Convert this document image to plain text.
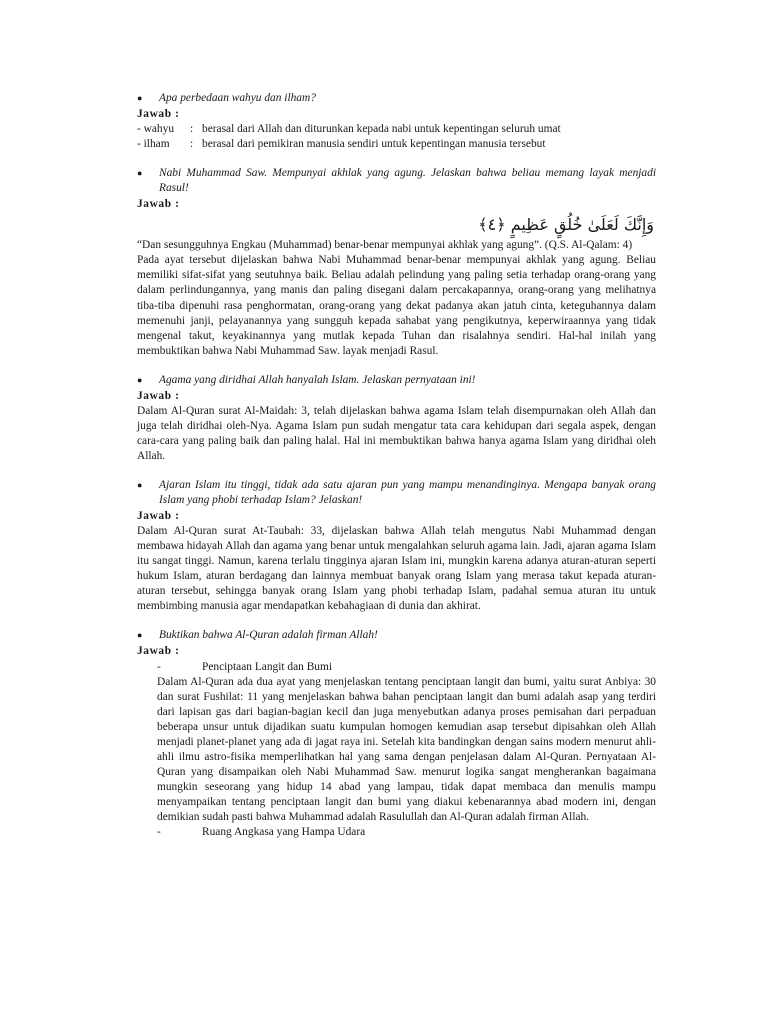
●	Apa perbedaan wahyu dan ilham?
Jawab :
- wahyu	: berasal dari Allah dan diturunkan kepada nabi untuk kepentingan seluruh umat
- ilham	: berasal dari pemikiran manusia sendiri untuk kepentingan manusia tersebut
●	Nabi Muhammad Saw. Mempunyai akhlak yang agung. Jelaskan bahwa beliau memang layak menjadi Rasul!
Jawab :
وَإِنَّكَ لَعَلَىٰ خُلُقٍ عَظِيمٍ ﴿٤﴾

“Dan sesungguhnya Engkau (Muhammad) benar-benar mempunyai akhlak yang agung”. (Q.S. Al-Qalam: 4)

Pada ayat tersebut dijelaskan bahwa Nabi Muhammad benar-benar mempunyai akhlak yang agung. Beliau memiliki sifat-sifat yang seutuhnya baik. Beliau adalah pelindung yang paling setia terhadap orang-orang yang dalam perlindungannya, yang manis dan paling disegani dalam percakapannya, orang-orang yang melihatnya tiba-tiba dipenuhi rasa penghormatan, orang-orang yang dekat padanya akan jatuh cinta, keteguhannya dalam memenuhi janji, pelayanannya yang sungguh kepada sahabat yang pengikutnya, keperwiraannya yang tidak mengenal takut, keyakinannya yang mutlak kepada Tuhan dan risalahnya sendiri. Hal-hal inilah yang membuktikan bahwa Nabi Muhammad Saw. layak menjadi Rasul.

●	Agama yang diridhai Allah hanyalah Islam. Jelaskan pernyataan ini!
Jawab :

Dalam Al-Quran surat Al-Maidah: 3, telah dijelaskan bahwa agama Islam telah disempurnakan oleh Allah dan juga telah diridhai oleh-Nya. Agama Islam pun sudah mengatur tata cara kehidupan dari segala aspek, dengan cara-cara yang paling baik dan paling halal. Hal ini membuktikan bahwa hanya agama Islam yang diridhai oleh Allah.

●	Ajaran Islam itu tinggi, tidak ada satu ajaran pun yang mampu menandinginya. Mengapa banyak orang Islam yang phobi terhadap Islam? Jelaskan!
Jawab :

Dalam Al-Quran surat At-Taubah: 33, dijelaskan bahwa Allah telah mengutus Nabi Muhammad dengan membawa hidayah Allah dan agama yang benar untuk mengalahkan seluruh agama lain. Jadi, ajaran agama Islam itu sangat tinggi. Namun, karena terlalu tingginya ajaran Islam ini, mungkin karena adanya aturan-aturan seperti hukum Islam, aturan berdagang dan lainnya membuat banyak orang Islam yang merasa takut kepada aturan-aturan tersebut, sehingga banyak orang Islam yang phobi terhadap Islam, padahal semua aturan itu untuk membimbing manusia agar mendapatkan kebahagiaan di dunia dan akhirat.

●	Buktikan bahwa Al-Quran adalah firman Allah!
Jawab :
-	Penciptaan Langit dan Bumi

Dalam Al-Quran ada dua ayat yang menjelaskan tentang penciptaan langit dan bumi, yaitu surat Anbiya: 30 dan surat Fushilat: 11 yang menjelaskan bahwa bahan penciptaan langit dan bumi adalah asap yang terdiri dari lapisan gas dari bagian-bagian kecil dan juga menyebutkan adanya proses pemisahan dari perpaduan beberapa unsur untuk dijadikan suatu kumpulan homogen kemudian asap tersebut dipisahkan oleh Allah menjadi planet-planet yang ada di jagat raya ini. Setelah kita bandingkan dengan sains modern menurut ahli-ahli ilmu astro-fisika memperlihatkan hal yang sama dengan penjelasan dalam Al-Quran. Pernyataan Al-Quran yang disampaikan oleh Nabi Muhammad Saw. menurut logika sangat mengherankan bagaimana mungkin seseorang yang hidup 14 abad yang lampau, tidak dapat membaca dan menulis mampu menyampaikan tentang penciptaan langit dan bumi yang diakui kebenarannya abad modern ini, dengan demikian sudah pasti bahwa Muhammad adalah Rasulullah dan Al-Quran adalah firman Allah.

-	Ruang Angkasa yang Hampa Udara
